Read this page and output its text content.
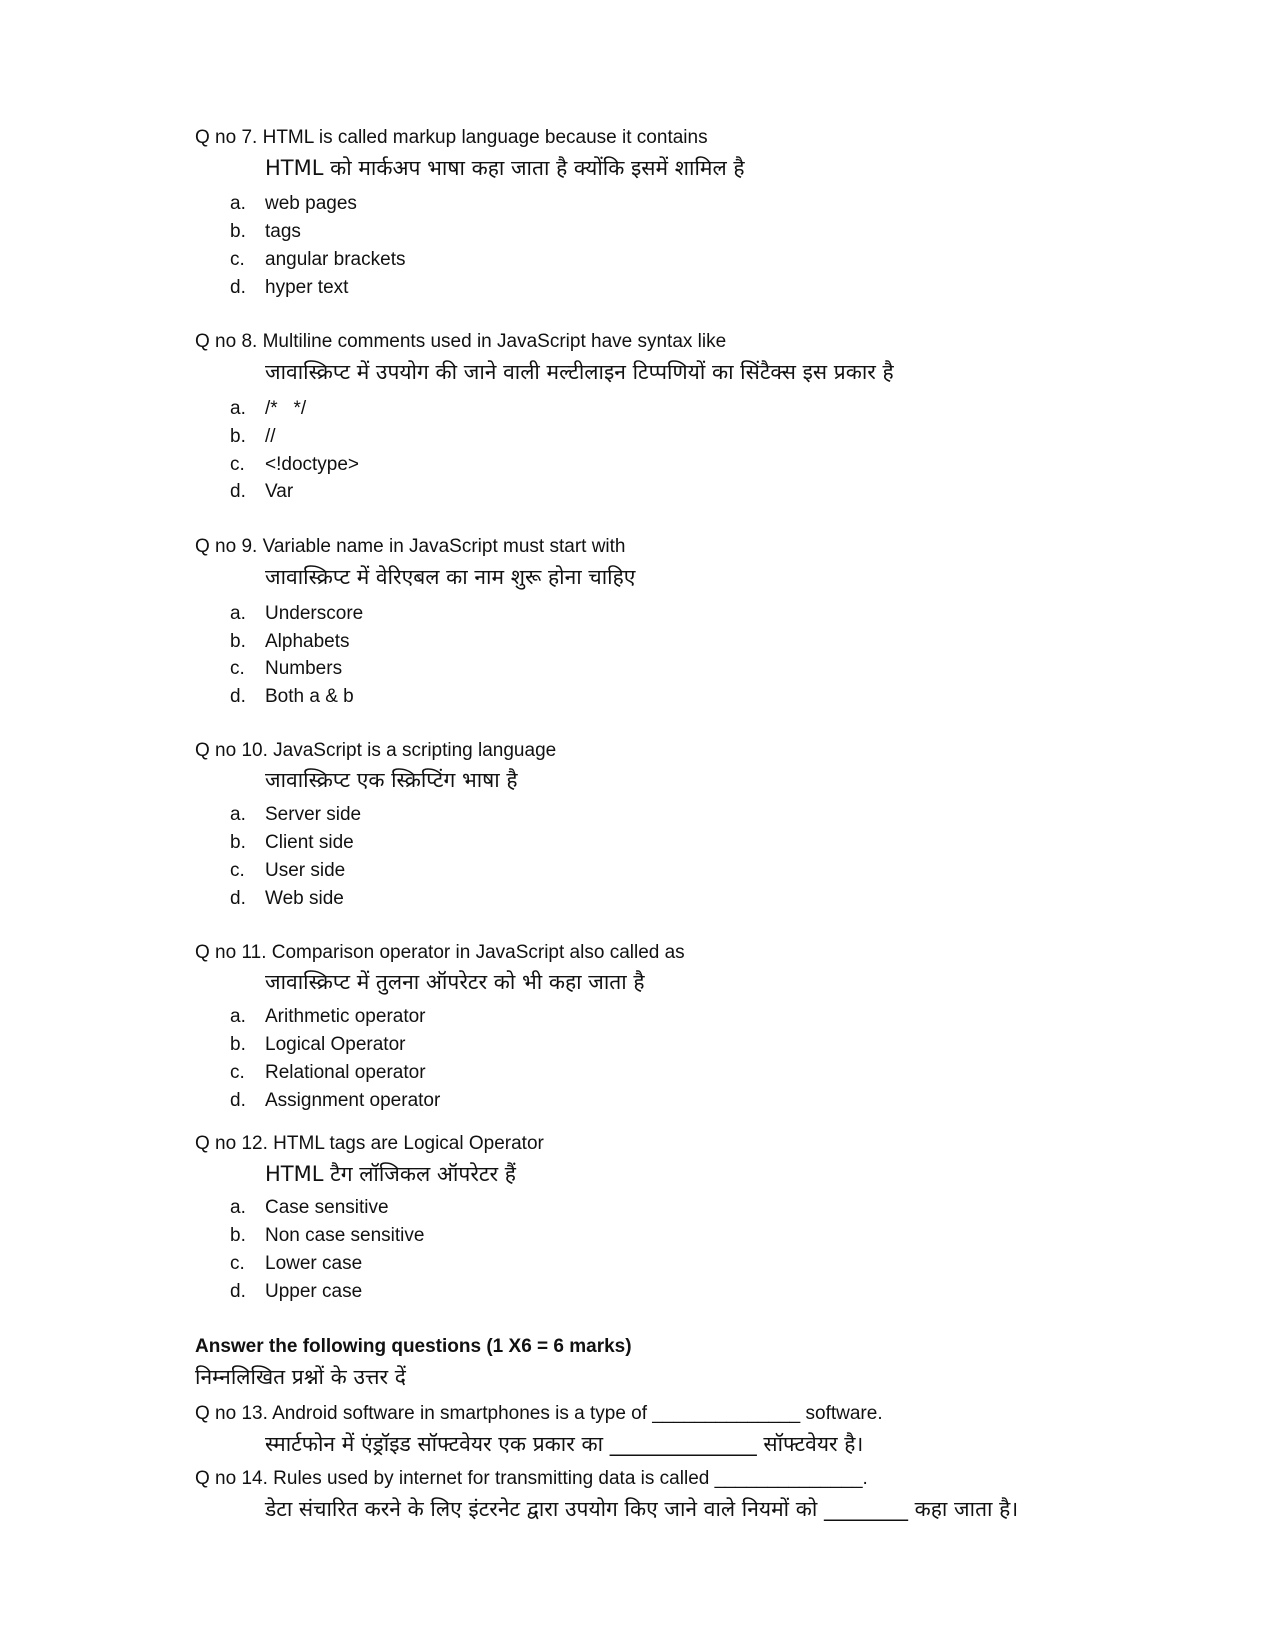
Q no 7. HTML is called markup language because it contains
HTML को मार्कअप भाषा कहा जाता है क्योंकि इसमें शामिल है
a. web pages
b. tags
c. angular brackets
d. hyper text
Q no 8. Multiline comments used in JavaScript have syntax like
जावास्क्रिप्ट में उपयोग की जाने वाली मल्टीलाइन टिप्पणियों का सिंटैक्स इस प्रकार है
a. /*   */
b. //
c. <!doctype>
d. Var
Q no 9. Variable name in JavaScript must start with
जावास्क्रिप्ट में वेरिएबल का नाम शुरू होना चाहिए
a. Underscore
b. Alphabets
c. Numbers
d. Both a & b
Q no 10. JavaScript is a scripting language
जावास्क्रिप्ट एक स्क्रिप्टिंग भाषा है
a. Server side
b. Client side
c. User side
d. Web side
Q no 11. Comparison operator in JavaScript also called as
जावास्क्रिप्ट में तुलना ऑपरेटर को भी कहा जाता है
a. Arithmetic operator
b. Logical Operator
c. Relational operator
d. Assignment operator
Q no 12. HTML tags are Logical Operator
HTML टैग लॉजिकल ऑपरेटर हैं
a. Case sensitive
b. Non case sensitive
c. Lower case
d. Upper case
Answer the following questions (1 X6 = 6 marks)
निम्नलिखित प्रश्नों के उत्तर दें
Q no 13. Android software in smartphones is a type of ______________ software.
स्मार्टफोन में एंड्रॉइड सॉफ्टवेयर एक प्रकार का ______________ सॉफ्टवेयर है।
Q no 14. Rules used by internet for transmitting data is called ______________.
डेटा संचारित करने के लिए इंटरनेट द्वारा उपयोग किए जाने वाले नियमों को ________ कहा जाता है।
